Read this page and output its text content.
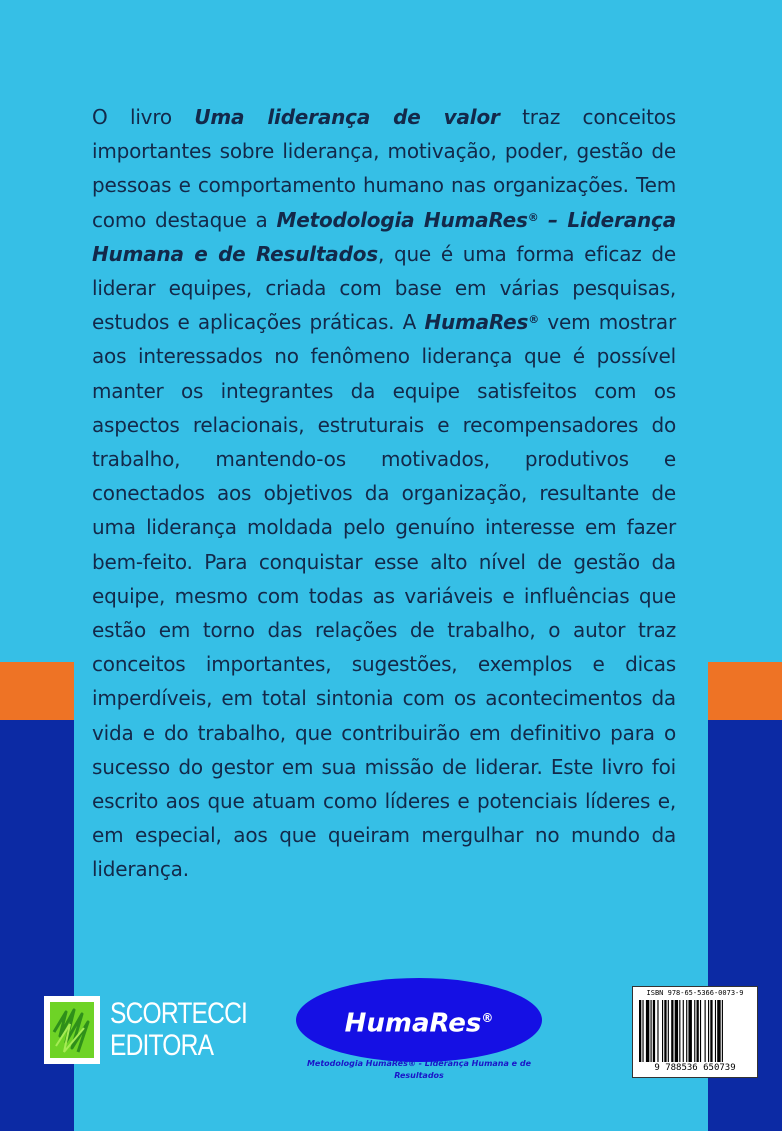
O livro Uma liderança de valor traz conceitos importantes sobre liderança, motivação, poder, gestão de pessoas e comportamento humano nas organizações. Tem como destaque a Metodologia HumaRes® – Liderança Humana e de Resultados, que é uma forma eficaz de liderar equipes, criada com base em várias pesquisas, estudos e aplicações práticas. A HumaRes® vem mostrar aos interessados no fenômeno liderança que é possível manter os integrantes da equipe satisfeitos com os aspectos relacionais, estruturais e recompensadores do trabalho, mantendo-os motivados, produtivos e conectados aos objetivos da organização, resultante de uma liderança moldada pelo genuíno interesse em fazer bem-feito. Para conquistar esse alto nível de gestão da equipe, mesmo com todas as variáveis e influências que estão em torno das relações de trabalho, o autor traz conceitos importantes, sugestões, exemplos e dicas imperdíveis, em total sintonia com os acontecimentos da vida e do trabalho, que contribuirão em definitivo para o sucesso do gestor em sua missão de liderar. Este livro foi escrito aos que atuam como líderes e potenciais líderes e, em especial, aos que queiram mergulhar no mundo da liderança.

SCORTECCI
EDITORA
HumaRes®
Metodologia HumaRes® - Liderança Humana e de Resultados
ISBN 978-65-5366-0073-9
9 788536 650739
